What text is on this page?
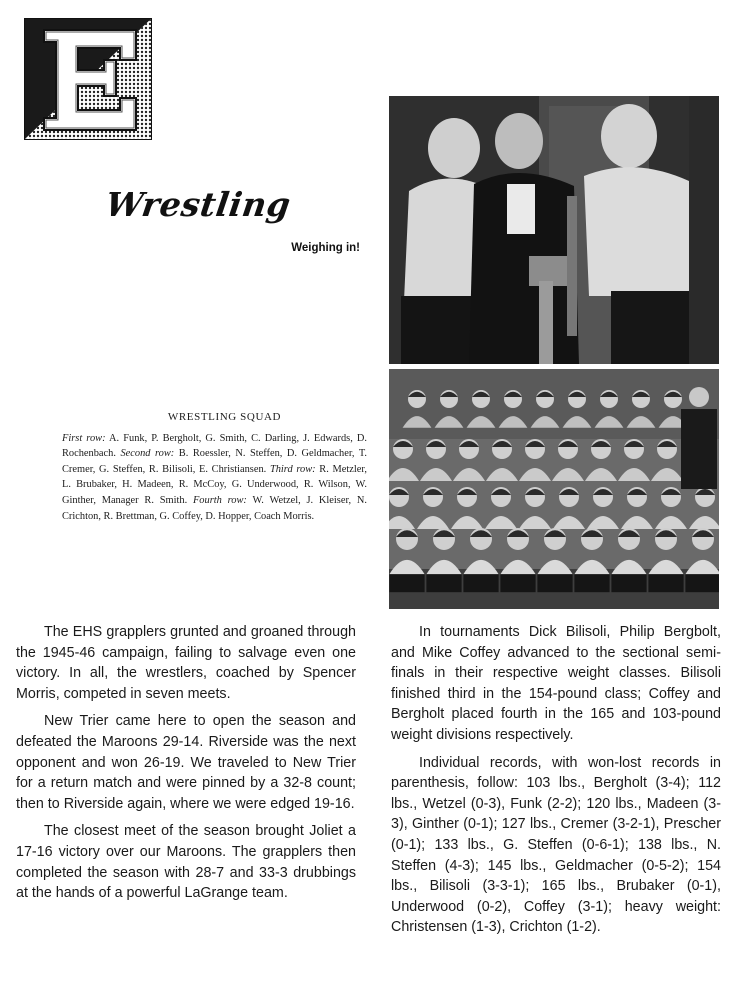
Wrestling
Weighing in!
WRESTLING SQUAD
First row: A. Funk, P. Bergholt, G. Smith, C. Darling, J. Edwards, D. Rochenbach. Second row: B. Roessler, N. Steffen, D. Geldmacher, T. Cremer, G. Steffen, R. Bilisoli, E. Christiansen. Third row: R. Metzler, L. Brubaker, H. Madeen, R. McCoy, G. Underwood, R. Wilson, W. Ginther, Manager R. Smith. Fourth row: W. Wetzel, J. Kleiser, N. Crichton, R. Brettman, G. Coffey, D. Hopper, Coach Morris.

The EHS grapplers grunted and groaned through the 1945-46 campaign, failing to salvage even one victory. In all, the wrestlers, coached by Spencer Morris, competed in seven meets.

New Trier came here to open the season and defeated the Maroons 29-14. Riverside was the next opponent and won 26-19. We traveled to New Trier for a return match and were pinned by a 32-8 count; then to Riverside again, where we were edged 19-16.

The closest meet of the season brought Joliet a 17-16 victory over our Maroons. The grapplers then completed the season with 28-7 and 33-3 drubbings at the hands of a powerful LaGrange team.

In tournaments Dick Bilisoli, Philip Bergbolt, and Mike Coffey advanced to the sectional semi-finals in their respective weight classes. Bilisoli finished third in the 154-pound class; Coffey and Bergholt placed fourth in the 165 and 103-pound weight divisions respectively.

Individual records, with won-lost records in parenthesis, follow: 103 lbs., Bergholt (3-4); 112 lbs., Wetzel (0-3), Funk (2-2); 120 lbs., Madeen (3-3), Ginther (0-1); 127 lbs., Cremer (3-2-1), Prescher (0-1); 133 lbs., G. Steffen (0-6-1); 138 lbs., N. Steffen (4-3); 145 lbs., Geldmacher (0-5-2); 154 lbs., Bilisoli (3-3-1); 165 lbs., Brubaker (0-1), Underwood (0-2), Coffey (3-1); heavy weight: Christensen (1-3), Crichton (1-2).
